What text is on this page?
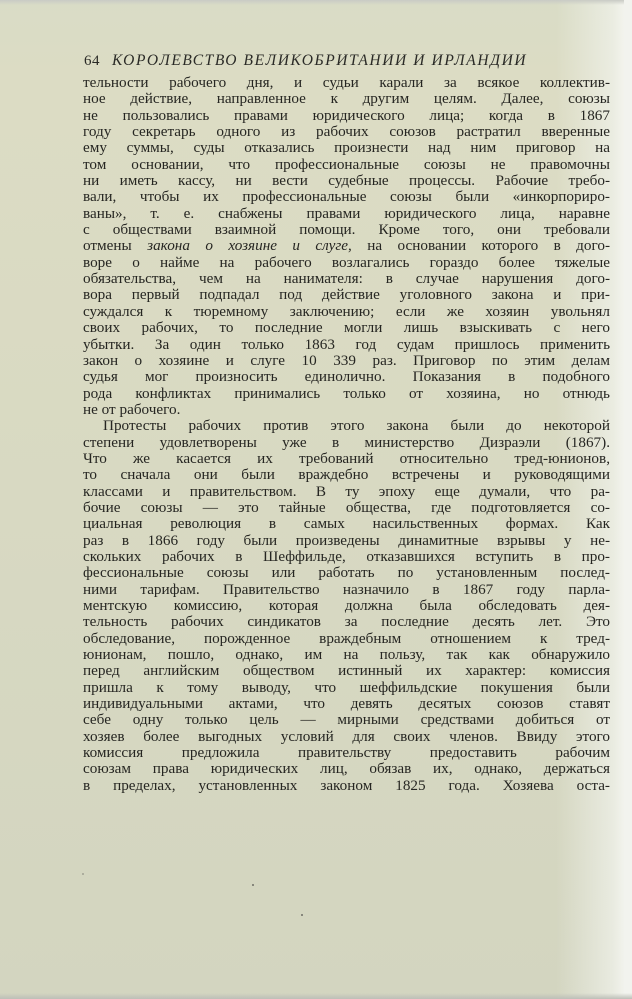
64 КОРОЛЕВСТВО ВЕЛИКОБРИТАНИИ И ИРЛАНДИИ
тельности рабочего дня, и судьи карали за всякое коллектив-
ное действие, направленное к другим целям. Далее, союзы
не пользовались правами юридического лица; когда в 1867
году секретарь одного из рабочих союзов растратил вверенные
ему суммы, суды отказались произнести над ним приговор на
том основании, что профессиональные союзы не правомочны
ни иметь кассу, ни вести судебные процессы. Рабочие требо-
вали, чтобы их профессиональные союзы были «инкорпориро-
ваны», т. е. снабжены правами юридического лица, наравне
с обществами взаимной помощи. Кроме того, они требовали
отмены закона о хозяине и слуге, на основании которого в дого-
воре о найме на рабочего возлагались гораздо более тяжелые
обязательства, чем на нанимателя: в случае нарушения дого-
вора первый подпадал под действие уголовного закона и при-
суждался к тюремному заключению; если же хозяин увольнял
своих рабочих, то последние могли лишь взыскивать с него
убытки. За один только 1863 год судам пришлось применить
закон о хозяине и слуге 10 339 раз. Приговор по этим делам
судья мог произносить единолично. Показания в подобного
рода конфликтах принимались только от хозяина, но отнюдь
не от рабочего.
Протесты рабочих против этого закона были до некоторой
степени удовлетворены уже в министерство Дизраэли (1867).
Что же касается их требований относительно тред-юнионов,
то сначала они были враждебно встречены и руководящими
классами и правительством. В ту эпоху еще думали, что ра-
бочие союзы — это тайные общества, где подготовляется со-
циальная революция в самых насильственных формах. Как
раз в 1866 году были произведены динамитные взрывы у не-
скольких рабочих в Шеффильде, отказавшихся вступить в про-
фессиональные союзы или работать по установленным послед-
ними тарифам. Правительство назначило в 1867 году парла-
ментскую комиссию, которая должна была обследовать дея-
тельность рабочих синдикатов за последние десять лет. Это
обследование, порожденное враждебным отношением к тред-
юнионам, пошло, однако, им на пользу, так как обнаружило
перед английским обществом истинный их характер: комиссия
пришла к тому выводу, что шеффильдские покушения были
индивидуальными актами, что девять десятых союзов ставят
себе одну только цель — мирными средствами добиться от
хозяев более выгодных условий для своих членов. Ввиду этого
комиссия предложила правительству предоставить рабочим
союзам права юридических лиц, обязав их, однако, держаться
в пределах, установленных законом 1825 года. Хозяева оста-
